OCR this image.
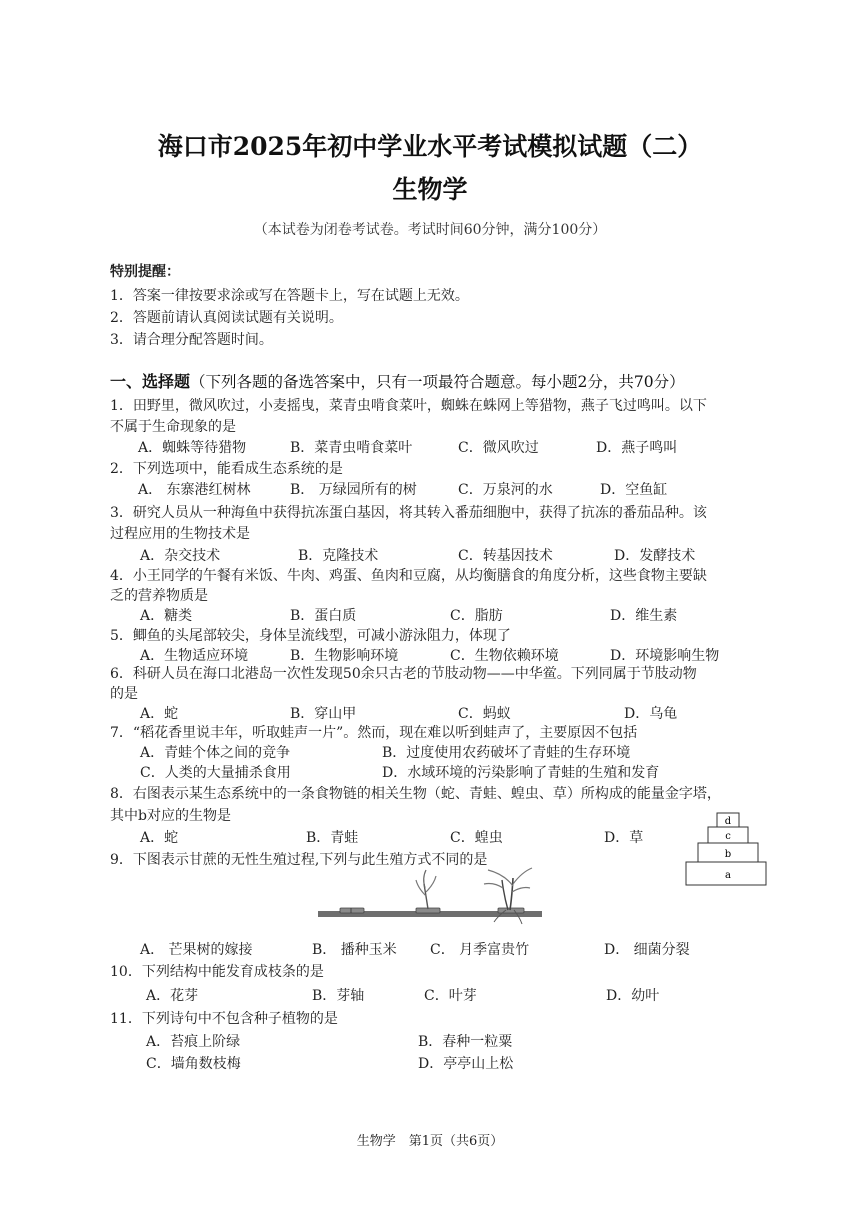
海口市2025年初中学业水平考试模拟试题（二）
生物学
（本试卷为闭卷考试卷。考试时间60分钟，满分100分）
特别提醒：
1．答案一律按要求涂或写在答题卡上，写在试题上无效。
2．答题前请认真阅读试题有关说明。
3．请合理分配答题时间。
一、选择题（下列各题的备选答案中，只有一项最符合题意。每小题2分，共70分）
1．田野里，微风吹过，小麦摇曳，菜青虫啃食菜叶，蜘蛛在蛛网上等猎物，燕子飞过鸣叫。以下
不属于生命现象的是
A．蜘蛛等待猎物	B．菜青虫啃食菜叶	C．微风吹过	D．燕子鸣叫
2．下列选项中，能看成生态系统的是
A． 东寨港红树林	B． 万绿园所有的树	C．万泉河的水	D．空鱼缸
3．研究人员从一种海鱼中获得抗冻蛋白基因，将其转入番茄细胞中，获得了抗冻的番茄品种。该
过程应用的生物技术是
A．杂交技术	B．克隆技术	C．转基因技术	D．发酵技术
4．小王同学的午餐有米饭、牛肉、鸡蛋、鱼肉和豆腐，从均衡膳食的角度分析，这些食物主要缺
乏的营养物质是
A．糖类	B．蛋白质	C．脂肪	D．维生素
5．鲫鱼的头尾部较尖，身体呈流线型，可减小游泳阻力，体现了
A．生物适应环境	B．生物影响环境	C．生物依赖环境	D．环境影响生物
6．科研人员在海口北港岛一次性发现50余只古老的节肢动物——中华鲎。下列同属于节肢动物
的是
A．蛇	B．穿山甲	C．蚂蚁	D．乌龟
7．“稻花香里说丰年，听取蛙声一片”。然而，现在难以听到蛙声了，主要原因不包括
A．青蛙个体之间的竞争	B．过度使用农药破坏了青蛙的生存环境
C．人类的大量捕杀食用	D．水域环境的污染影响了青蛙的生殖和发育
8．右图表示某生态系统中的一条食物链的相关生物（蛇、青蛙、蝗虫、草）所构成的能量金字塔，
其中b对应的生物是
A．蛇	B．青蛙	C．蝗虫	D．草
d
c
b
a
9．下图表示甘蔗的无性生殖过程,下列与此生殖方式不同的是
A． 芒果树的嫁接	B． 播种玉米 C． 月季富贵竹	D． 细菌分裂
10．下列结构中能发育成枝条的是
A．花芽	B．芽轴	C．叶芽	D．幼叶
11．下列诗句中不包含种子植物的是
A．苔痕上阶绿	B．春种一粒粟
C．墙角数枝梅	D．亭亭山上松
生物学　第1页（共6页）
